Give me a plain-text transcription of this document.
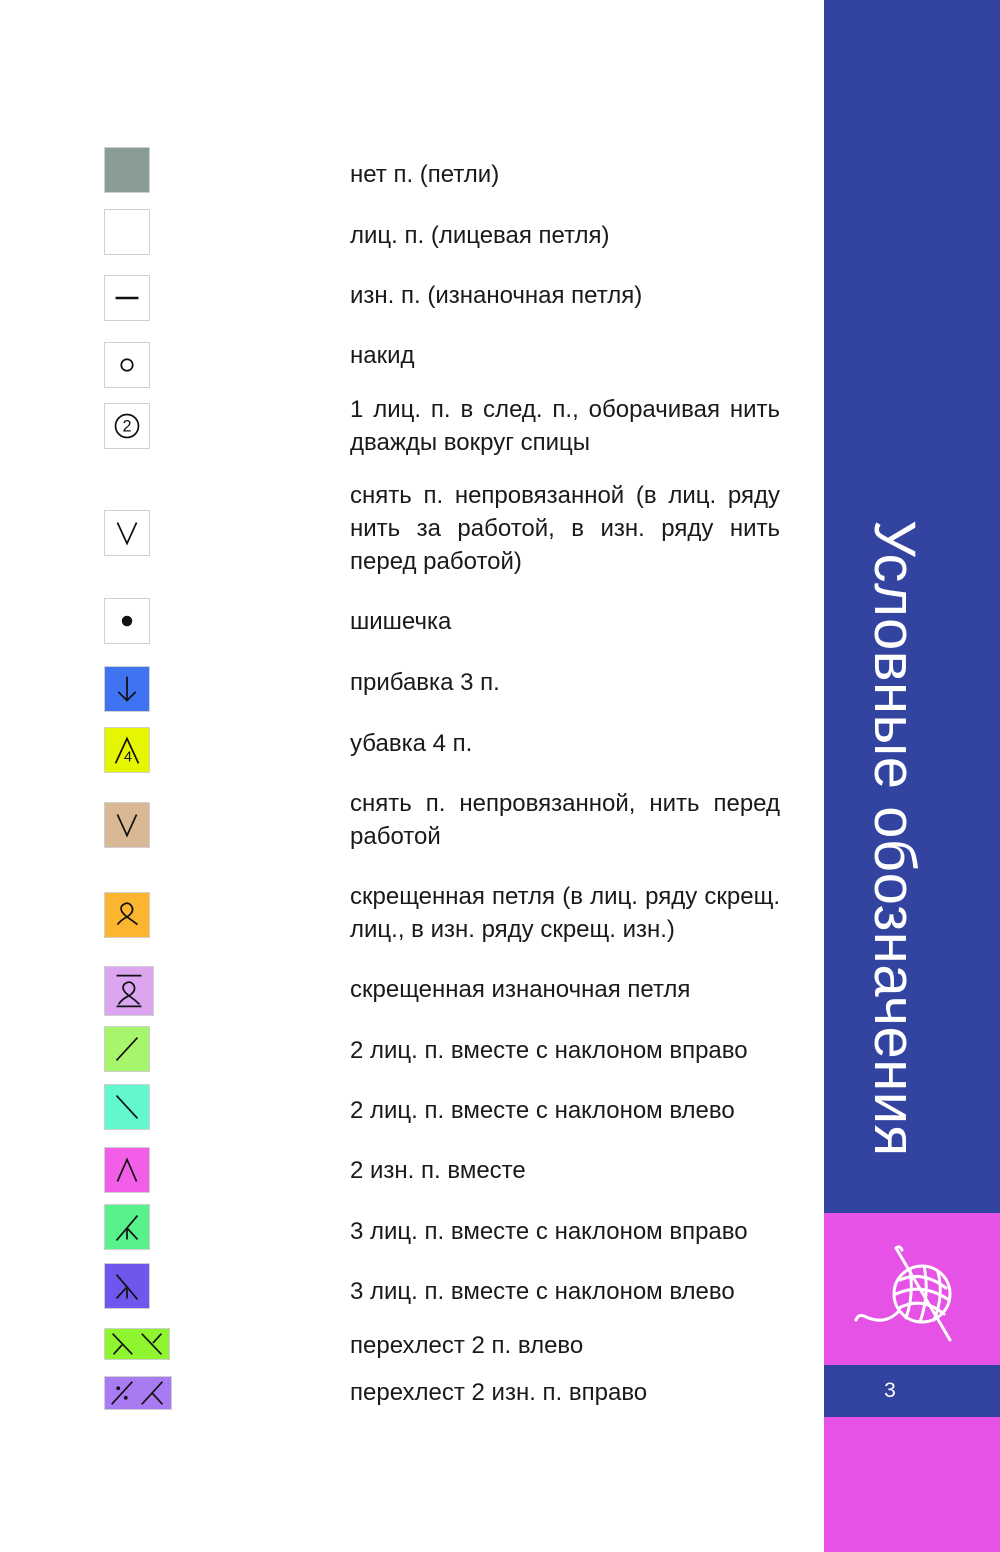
нет п. (петли)

лиц. п. (лицевая петля)

изн. п. (изнаночная петля)

накид

2

1 лиц. п. в след. п., оборачивая нить дважды вокруг спицы

снять п. непровязанной (в лиц. ряду нить за работой, в изн. ряду нить перед работой)

шишечка

прибавка 3 п.

4

убавка 4 п.

снять п. непровязанной, нить перед работой

скрещенная петля (в лиц. ряду скрещ. лиц., в изн. ряду скрещ. изн.)

скрещенная изнаночная петля

2 лиц. п. вместе с наклоном вправо

2 лиц. п. вместе с наклоном влево

2 изн. п. вместе

3 лиц. п. вместе с наклоном вправо

3 лиц. п. вместе с наклоном влево

перехлест 2 п. влево

перехлест 2 изн. п. вправо

Условные обозначения
3
